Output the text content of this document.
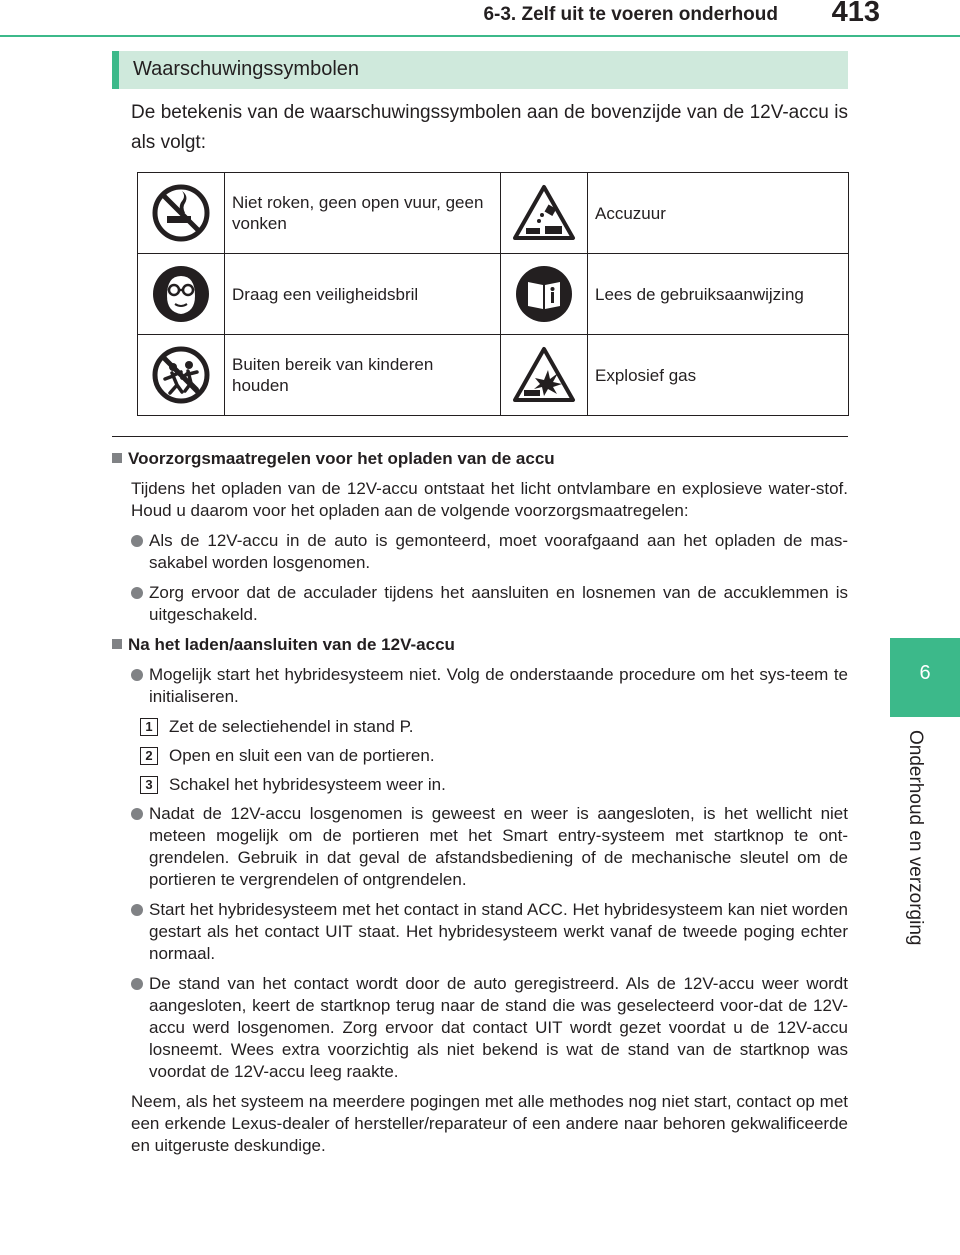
6-3. Zelf uit te voeren onderhoud 413
6
Onderhoud en verzorging
Waarschuwingssymbolen
De betekenis van de waarschuwingssymbolen aan de bovenzijde van de 12V-accu is als volgt:
	Niet roken, geen open vuur, geen vonken		Accuzuur
	Draag een veiligheidsbril		Lees de gebruiksaanwijzing
	Buiten bereik van kinderen houden		Explosief gas
Voorzorgsmaatregelen voor het opladen van de accu
Tijdens het opladen van de 12V-accu ontstaat het licht ontvlambare en explosieve water-stof. Houd u daarom voor het opladen aan de volgende voorzorgsmaatregelen:
Als de 12V-accu in de auto is gemonteerd, moet voorafgaand aan het opladen de mas-sakabel worden losgenomen.
Zorg ervoor dat de acculader tijdens het aansluiten en losnemen van de accuklemmen is uitgeschakeld.
Na het laden/aansluiten van de 12V-accu
Mogelijk start het hybridesysteem niet. Volg de onderstaande procedure om het sys-teem te initialiseren.
1 Zet de selectiehendel in stand P.
2 Open en sluit een van de portieren.
3 Schakel het hybridesysteem weer in.
Nadat de 12V-accu losgenomen is geweest en weer is aangesloten, is het wellicht niet meteen mogelijk om de portieren met het Smart entry-systeem met startknop te ont-grendelen. Gebruik in dat geval de afstandsbediening of de mechanische sleutel om de portieren te vergrendelen of ontgrendelen.
Start het hybridesysteem met het contact in stand ACC. Het hybridesysteem kan niet worden gestart als het contact UIT staat. Het hybridesysteem werkt vanaf de tweede poging echter normaal.
De stand van het contact wordt door de auto geregistreerd. Als de 12V-accu weer wordt aangesloten, keert de startknop terug naar de stand die was geselecteerd voor-dat de 12V-accu werd losgenomen. Zorg ervoor dat contact UIT wordt gezet voordat u de 12V-accu losneemt. Wees extra voorzichtig als niet bekend is wat de stand van de startknop was voordat de 12V-accu leeg raakte.
Neem, als het systeem na meerdere pogingen met alle methodes nog niet start, contact op met een erkende Lexus-dealer of hersteller/reparateur of een andere naar behoren gekwalificeerde en uitgeruste deskundige.
